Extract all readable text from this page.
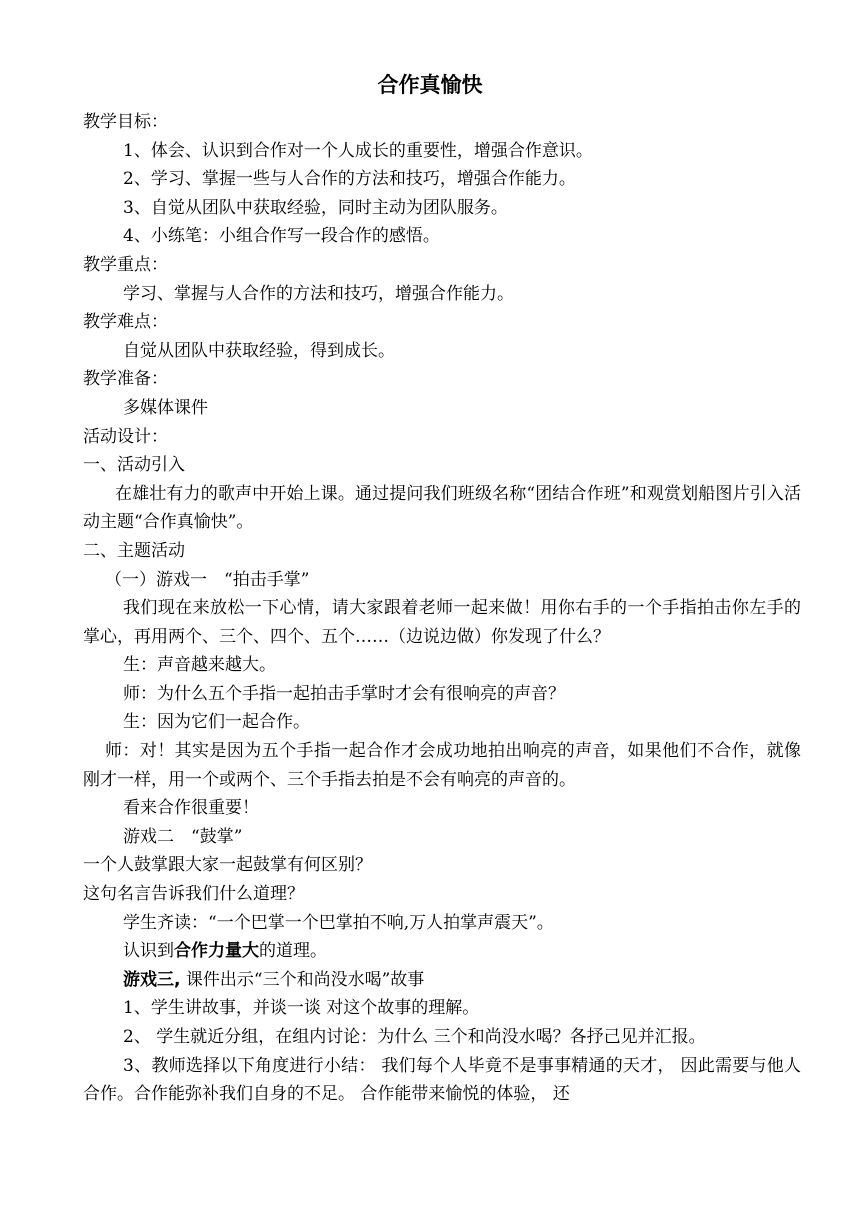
合作真愉快

教学目标：

1、体会、认识到合作对一个人成长的重要性，增强合作意识。

2、学习、掌握一些与人合作的方法和技巧，增强合作能力。

3、自觉从团队中获取经验，同时主动为团队服务。

4、小练笔：小组合作写一段合作的感悟。

教学重点：

学习、掌握与人合作的方法和技巧，增强合作能力。

教学难点：

自觉从团队中获取经验，得到成长。

教学准备：

多媒体课件

活动设计：

一、活动引入

在雄壮有力的歌声中开始上课。通过提问我们班级名称“团结合作班”和观赏划船图片引入活动主题“合作真愉快”。

二、主题活动

（一）游戏一　“拍击手掌”

我们现在来放松一下心情，请大家跟着老师一起来做！用你右手的一个手指拍击你左手的掌心，再用两个、三个、四个、五个……（边说边做）你发现了什么？

生：声音越来越大。

师：为什么五个手指一起拍击手掌时才会有很响亮的声音？

生：因为它们一起合作。

师：对！其实是因为五个手指一起合作才会成功地拍出响亮的声音，如果他们不合作，就像刚才一样，用一个或两个、三个手指去拍是不会有响亮的声音的。

看来合作很重要！

游戏二　“鼓掌”

一个人鼓掌跟大家一起鼓掌有何区别？

这句名言告诉我们什么道理？

学生齐读：“一个巴掌一个巴掌拍不响,万人拍掌声震天”。

认识到合作力量大的道理。

游戏三, 课件出示“三个和尚没水喝”故事

1、学生讲故事，并谈一谈 对这个故事的理解。

2、 学生就近分组，在组内讨论：为什么 三个和尚没水喝？各抒己见并汇报。

3、教师选择以下角度进行小结： 我们每个人毕竟不是事事精通的天才， 因此需要与他人合作。合作能弥补我们自身的不足。 合作能带来愉悦的体验， 还
